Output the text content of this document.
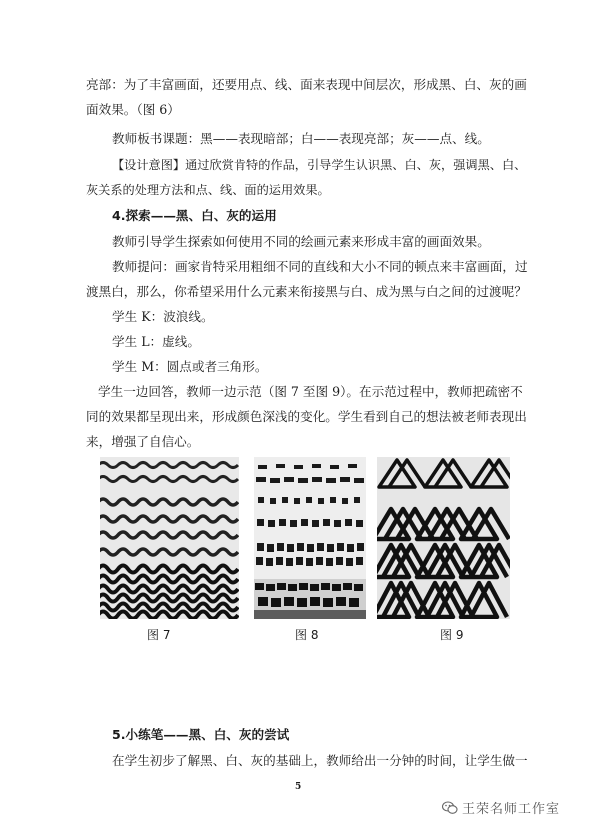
亮部：为了丰富画面，还要用点、线、面来表现中间层次，形成黑、白、灰的画
面效果。（图 6）
教师板书课题：黑——表现暗部；白——表现亮部；灰——点、线。
【设计意图】通过欣赏肯特的作品，引导学生认识黑、白、灰，强调黑、白、
灰关系的处理方法和点、线、面的运用效果。
4.探索——黑、白、灰的运用
教师引导学生探索如何使用不同的绘画元素来形成丰富的画面效果。
教师提问：画家肯特采用粗细不同的直线和大小不同的顿点来丰富画面，过
渡黑白，那么，你希望采用什么元素来衔接黑与白、成为黑与白之间的过渡呢？
学生 K：波浪线。
学生 L：虚线。
学生 M：圆点或者三角形。
学生一边回答，教师一边示范（图 7 至图 9）。在示范过程中，教师把疏密不
同的效果都呈现出来，形成颜色深浅的变化。学生看到自己的想法被老师表现出
来，增强了自信心。
图 7	图 8	图 9
5.小练笔——黑、白、灰的尝试
在学生初步了解黑、白、灰的基础上，教师给出一分钟的时间，让学生做一
5
王荣名师工作室
